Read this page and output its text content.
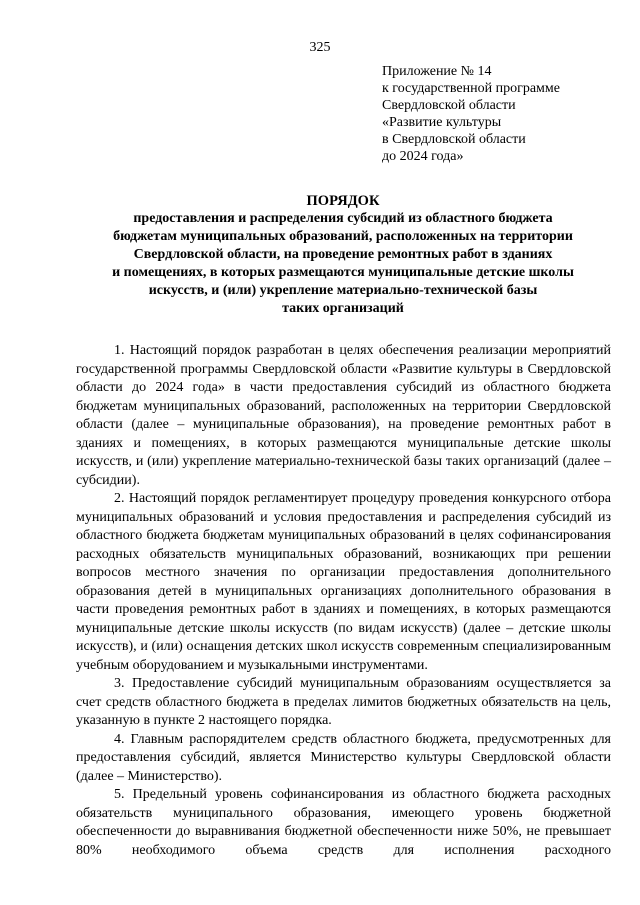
325
Приложение № 14
к государственной программе
Свердловской области
«Развитие культуры
в Свердловской области
до 2024 года»
ПОРЯДОК
предоставления и распределения субсидий из областного бюджета
бюджетам муниципальных образований, расположенных на территории
Свердловской области, на проведение ремонтных работ в зданиях
и помещениях, в которых размещаются муниципальные детские школы
искусств, и (или) укрепление материально-технической базы
таких организаций

1. Настоящий порядок разработан в целях обеспечения реализации мероприятий государственной программы Свердловской области «Развитие культуры в Свердловской области до 2024 года» в части предоставления субсидий из областного бюджета бюджетам муниципальных образований, расположенных на территории Свердловской области (далее – муниципальные образования), на проведение ремонтных работ в зданиях и помещениях, в которых размещаются муниципальные детские школы искусств, и (или) укрепление материально-технической базы таких организаций (далее – субсидии).

2. Настоящий порядок регламентирует процедуру проведения конкурсного отбора муниципальных образований и условия предоставления и распределения субсидий из областного бюджета бюджетам муниципальных образований в целях софинансирования расходных обязательств муниципальных образований, возникающих при решении вопросов местного значения по организации предоставления дополнительного образования детей в муниципальных организациях дополнительного образования в части проведения ремонтных работ в зданиях и помещениях, в которых размещаются муниципальные детские школы искусств (по видам искусств) (далее – детские школы искусств), и (или) оснащения детских школ искусств современным специализированным учебным оборудованием и музыкальными инструментами.

3. Предоставление субсидий муниципальным образованиям осуществляется за счет средств областного бюджета в пределах лимитов бюджетных обязательств на цель, указанную в пункте 2 настоящего порядка.

4. Главным распорядителем средств областного бюджета, предусмотренных для предоставления субсидий, является Министерство культуры Свердловской области (далее – Министерство).

5. Предельный уровень софинансирования из областного бюджета расходных обязательств муниципального образования, имеющего уровень бюджетной обеспеченности до выравнивания бюджетной обеспеченности ниже 50%, не превышает 80% необходимого объема средств для исполнения расходного
